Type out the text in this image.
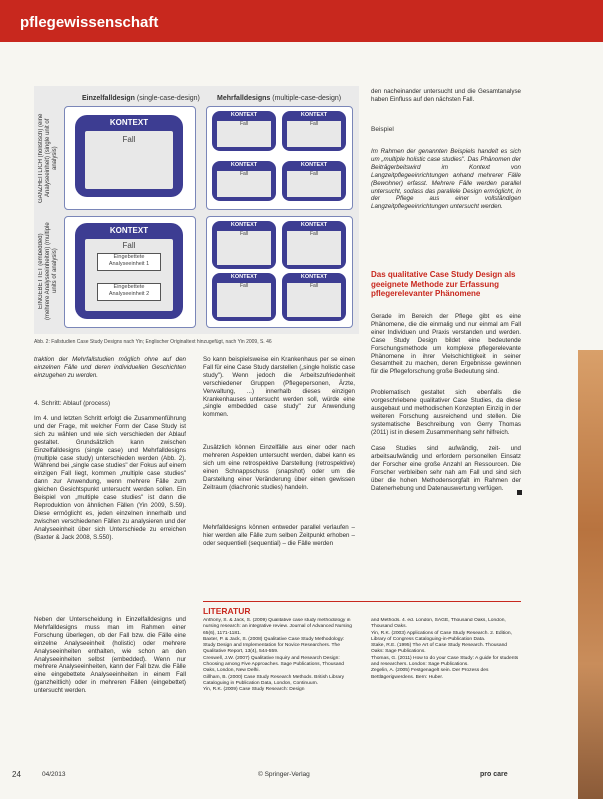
pflegewissenschaft
Einzelfalldesign (single-case-design) Mehrfalldesigns (multiple-case-design)
GANZHEITLICH (holistisch) (eine Analyseeinheit) (single unit of analysis)
EINGEBETTET (embedded) (mehrere Analyseeinheiten) (multiple units of analysis)
KONTEXT
Fall
KONTEXT
Fall
KONTEXT
Fall
KONTEXT
Fall
KONTEXT
Fall
KONTEXT
Fall
Eingebettete Analyseeinheit 1
Eingebettete Analyseeinheit 2
KONTEXT
Fall
KONTEXT
Fall
KONTEXT
Fall
KONTEXT
Fall
Abb. 2: Fallstudien Case Study Designs nach Yin; Englischer Originaltext hinzugefügt, nach Yin 2009, S. 46
traktion der Mehrfallstudien möglich ohne auf den einzelnen Fälle und deren individuellen Geschichten einzugehen zu werden.
4. Schritt: Ablauf (process)
Im 4. und letzten Schritt erfolgt die Zusammenführung und der Frage, mit welcher Form der Case Study ist sich zu wählen und wie sich verschieden der Ablauf gestaltet. Grundsätzlich kann zwischen Einzelfalldesigns (single case) und Mehrfalldesigns (multiple case study) unterschieden werden (Abb. 2). Während bei „single case studies" der Fokus auf einem einzigen Fall liegt, kommen „multiple case studies" dann zur Anwendung, wenn mehrere Fälle zum gleichen Gesichtspunkt untersucht werden sollen. Ein Beispiel von „multiple case studies" ist dann die Reproduktion von ähnlichen Fällen (Yin 2009, S.59). Diese ermöglicht es, jeden einzelnen innerhalb und zwischen verschiedenen Fällen zu analysieren und der Analyseeinheit über sich Unterschiede zu erreichen (Baxter & Jack 2008, S.550).
Neben der Unterscheidung in Einzelfalldesigns und Mehrfalldesigns muss man im Rahmen einer Forschung überlegen, ob der Fall bzw. die Fälle eine einzelne Analyseeinheit (holistic) oder mehrere Analyseeinheiten enthalten, wie schon an den Analyseeinheiten selbst (embedded). Wenn nur mehrere Analyseeinheiten, kann der Fall bzw. die Fälle eine eingebettete Analyseeinheiten in einem Fall (ganzheitlich) oder in mehreren Fällen (eingebettet) untersucht werden.
So kann beispielsweise ein Krankenhaus per se einen Fall für eine Case Study darstellen („single holistic case study"). Wenn jedoch die Arbeitszufriedenheit verschiedener Gruppen (Pflegepersonen, Ärzte, Verwaltung, ...) innerhalb dieses einzigen Krankenhauses untersucht werden soll, würde eine „single embedded case study" zur Anwendung kommen.
Zusätzlich können Einzelfälle aus einer oder nach mehreren Aspekten untersucht werden, dabei kann es sich um eine retrospektive Darstellung (retrospektive) einen Schnappschuss (snapshot) oder um die Darstellung einer Veränderung über einen gewissen Zeitraum (diachronic studies) handeln.
Mehrfalldesigns können entweder parallel verlaufen – hier werden alle Fälle zum selben Zeitpunkt erhoben – oder sequentiell (sequential) – die Fälle werden
den nacheinander untersucht und die Gesamtanalyse haben Einfluss auf den nächsten Fall.
Beispiel
Im Rahmen der genannten Beispiels handelt es sich um „multiple holistic case studies". Das Phänomen der Beiträgerbeitswird im Kontext von Langzeitpflegeeinrichtungen anhand mehrerer Fälle (Bewohner) erfasst. Mehrere Fälle werden parallel untersucht, sodass das parallele Design ermöglicht, in der Pflege aus einer vollständigen Langzeitpflegeeinrichtungen untersucht werden.
Das qualitative Case Study Design als geeignete Methode zur Erfassung pflegerelevanter Phänomene
Gerade im Bereich der Pflege gibt es eine Phänomene, die die einmalig und nur einmal am Fall einer Individuen und Praxis verstanden und werden. Case Study Design bildet eine bedeutende Forschungsmethode um komplexe pflegerelevante Phänomene in ihrer Vielschichtigkeit in seiner Gesamtheit zu machen, deren Ergebnisse gewinnen für die Pflegeforschung große Bedeutung sind.
Problematisch gestaltet sich ebenfalls die vorgeschriebene qualitativer Case Studies, da diese ausgebaut und methodischen Konzepten Einzig in der weiteren Forschung ausreichend und stellen. Die systematische Beschreibung von Gerry Thomas (2011) ist in diesem Zusammenhang sehr hilfreich.
Case Studies sind aufwändig, zeit- und arbeitsaufwändig und erfordern personellen Einsatz der Forscher eine große Anzahl an Ressourcen. Die Forscher verbleiben sehr nah am Fall und sind sich über die hohen Methodensorgfalt im Rahmen der Datenerhebung und Datenauswertung verfügen.
LITERATUR
Anthony, S. & Jack, S. (2009) Qualitative case study methodology in nursing research: an integrative review. Journal of Advanced Nursing 65(6), 1171-1181.
Baxter, P. & Jack, S. (2008) Qualitative Case Study Methodology: Study Design and Implementation for Novice Researchers. The Qualitative Report, 13(4), 544-559.
Creswell, J.W. (2007) Qualitative Inquiry and Research Design: Choosing among Five Approaches. Sage Publications, Thousand Oaks, London, New Delhi.
Gillham, B. (2000) Case Study Research Methods. British Library Cataloguing in Publication Data, London, Continuum.
Yin, R.K. (2009) Case Study Research: Design
and Methods. 4. ed. London, SAGE, Thousand Oaks, London, Thousand Oaks.
Yin, R.K. (2003) Applications of Case Study Research. 2. Edition, Library of Congress Cataloguing-in-Publication Data.
Stake, R.E. (1995) The Art of Case Study Research. Thousand Oaks: Sage Publications.
Thomas, G. (2011) How to do your Case Study: A guide for students and researchers. London: Sage Publications.
Zegelin, A. (2005) Festgenagelt sein. Der Prozess des Bettlägerigwerdens. Bern: Huber.
24	04/2013	© Springer-Verlag	pro care
